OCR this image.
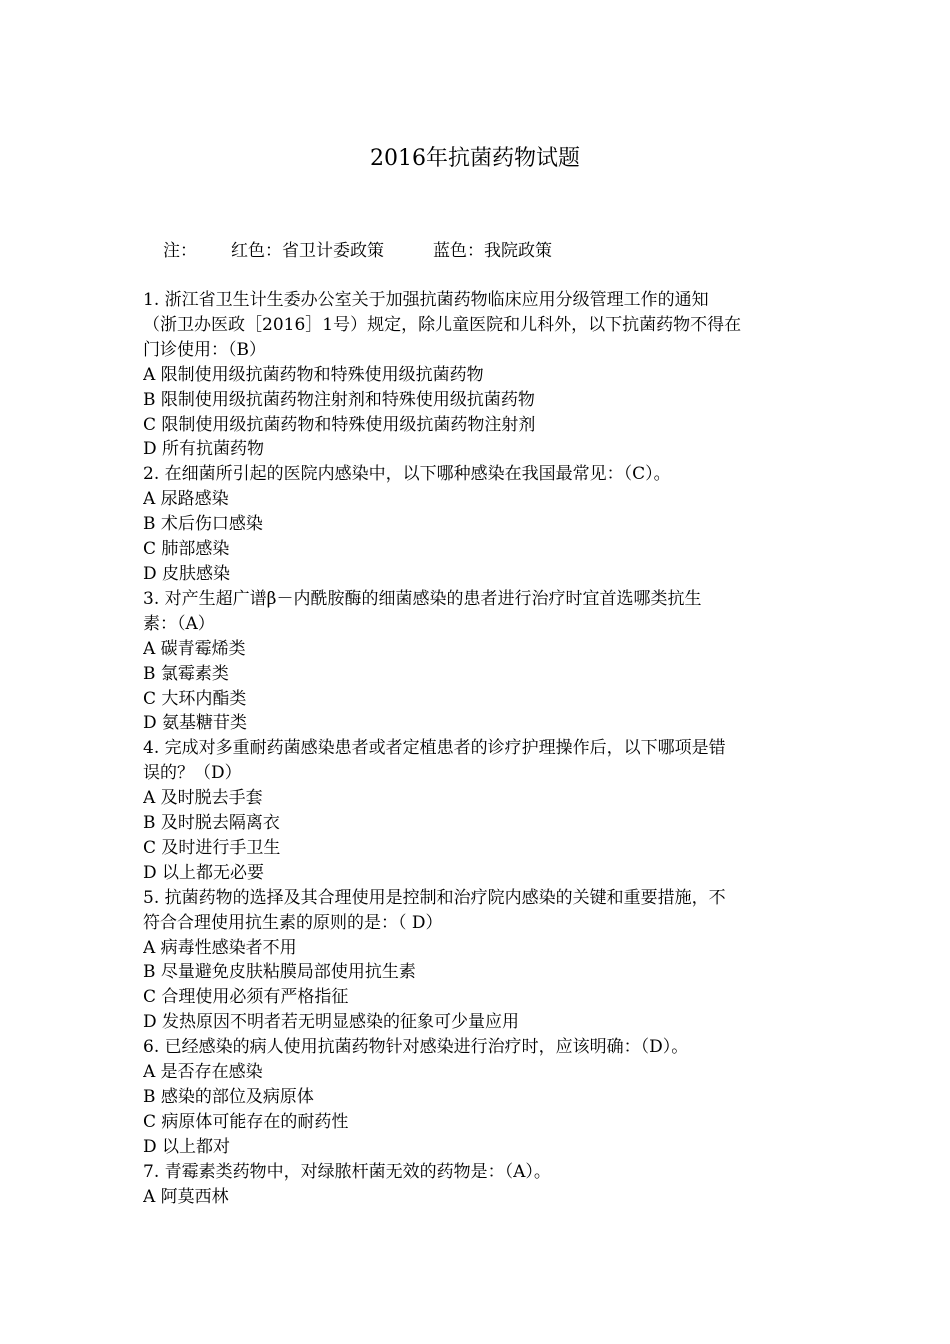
2016年抗菌药物试题
注： 红色：省卫计委政策	蓝色：我院政策
1. 浙江省卫生计生委办公室关于加强抗菌药物临床应用分级管理工作的通知
（浙卫办医政［2016］1号）规定，除儿童医院和儿科外，以下抗菌药物不得在
门诊使用：（B）
A 限制使用级抗菌药物和特殊使用级抗菌药物
B 限制使用级抗菌药物注射剂和特殊使用级抗菌药物
C 限制使用级抗菌药物和特殊使用级抗菌药物注射剂
D 所有抗菌药物
2. 在细菌所引起的医院内感染中，以下哪种感染在我国最常见：（C）。
A 尿路感染
B 术后伤口感染
C 肺部感染
D 皮肤感染
3. 对产生超广谱β－内酰胺酶的细菌感染的患者进行治疗时宜首选哪类抗生
素：（A）
A 碳青霉烯类
B 氯霉素类
C 大环内酯类
D 氨基糖苷类
4. 完成对多重耐药菌感染患者或者定植患者的诊疗护理操作后，以下哪项是错
误的？（D）
A 及时脱去手套
B 及时脱去隔离衣
C 及时进行手卫生
D 以上都无必要
5. 抗菌药物的选择及其合理使用是控制和治疗院内感染的关键和重要措施，不
符合合理使用抗生素的原则的是：（ D）
A 病毒性感染者不用
B 尽量避免皮肤粘膜局部使用抗生素
C 合理使用必须有严格指征
D 发热原因不明者若无明显感染的征象可少量应用
6. 已经感染的病人使用抗菌药物针对感染进行治疗时，应该明确：（D）。
A 是否存在感染
B 感染的部位及病原体
C 病原体可能存在的耐药性
D 以上都对
7. 青霉素类药物中，对绿脓杆菌无效的药物是：（A）。
A 阿莫西林
